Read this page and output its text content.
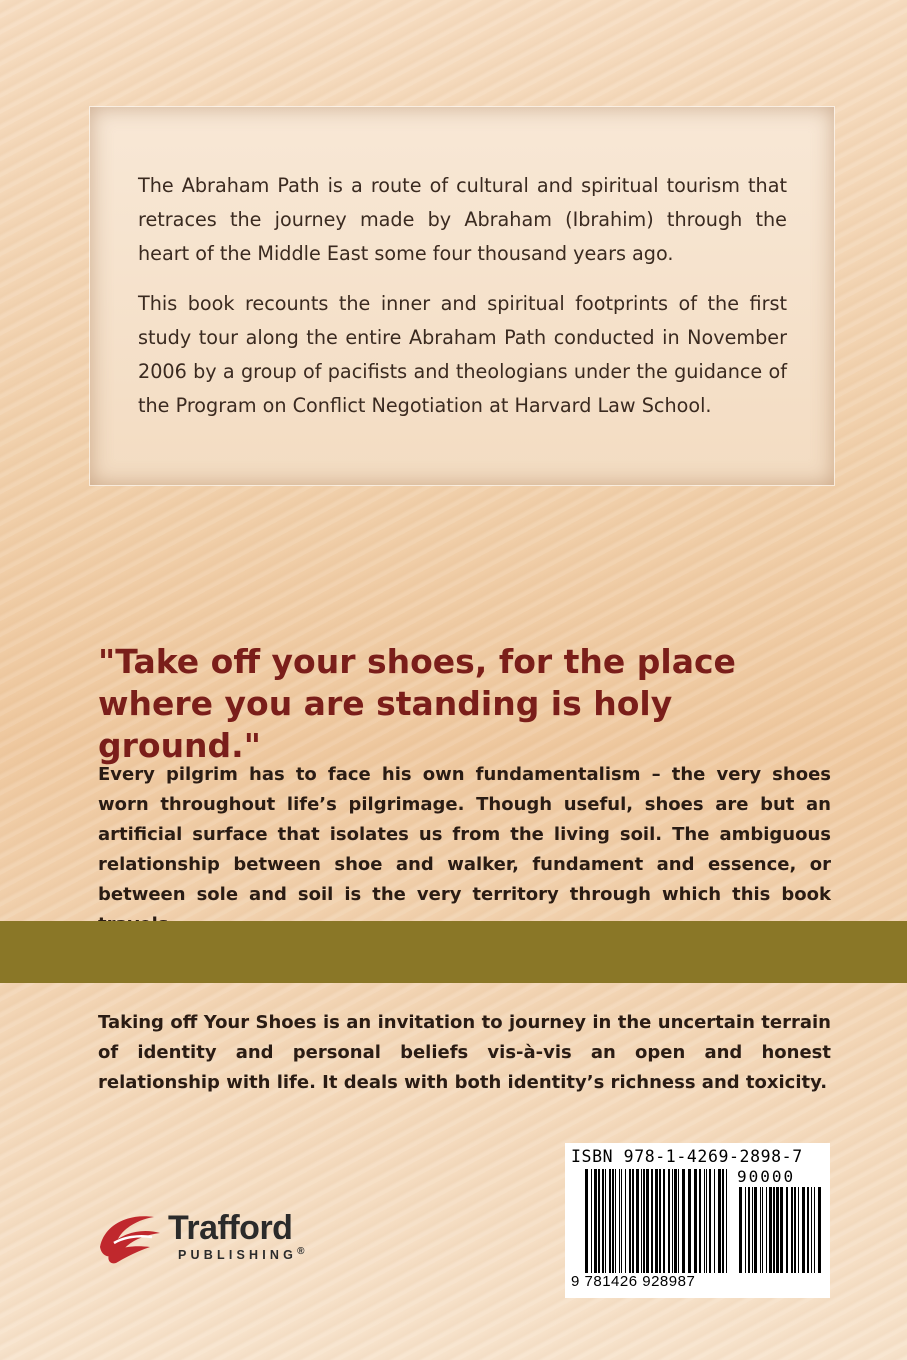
The Abraham Path is a route of cultural and spiritual tourism that retraces the journey made by Abraham (Ibrahim) through the heart of the Middle East some four thousand years ago.

This book recounts the inner and spiritual footprints of the first study tour along the entire Abraham Path conducted in November 2006 by a group of pacifists and theologians under the guidance of the Program on Conflict Negotiation at Harvard Law School.

"Take off your shoes, for the place where you are standing is holy ground."

Every pilgrim has to face his own fundamentalism – the very shoes worn throughout life’s pilgrimage. Though useful, shoes are but an artificial surface that isolates us from the living soil. The ambiguous relationship between shoe and walker, fundament and essence, or between sole and soil is the very territory through which this book

Taking off Your Shoes is an invitation to journey in the uncertain terrain of identity and personal beliefs vis-à-vis an open and honest relationship with life. It deals with both identity’s richness and toxicity.

ISBN 978-1-4269-2898-7
90000
9 781426 928987
Trafford
PUBLISHING®
